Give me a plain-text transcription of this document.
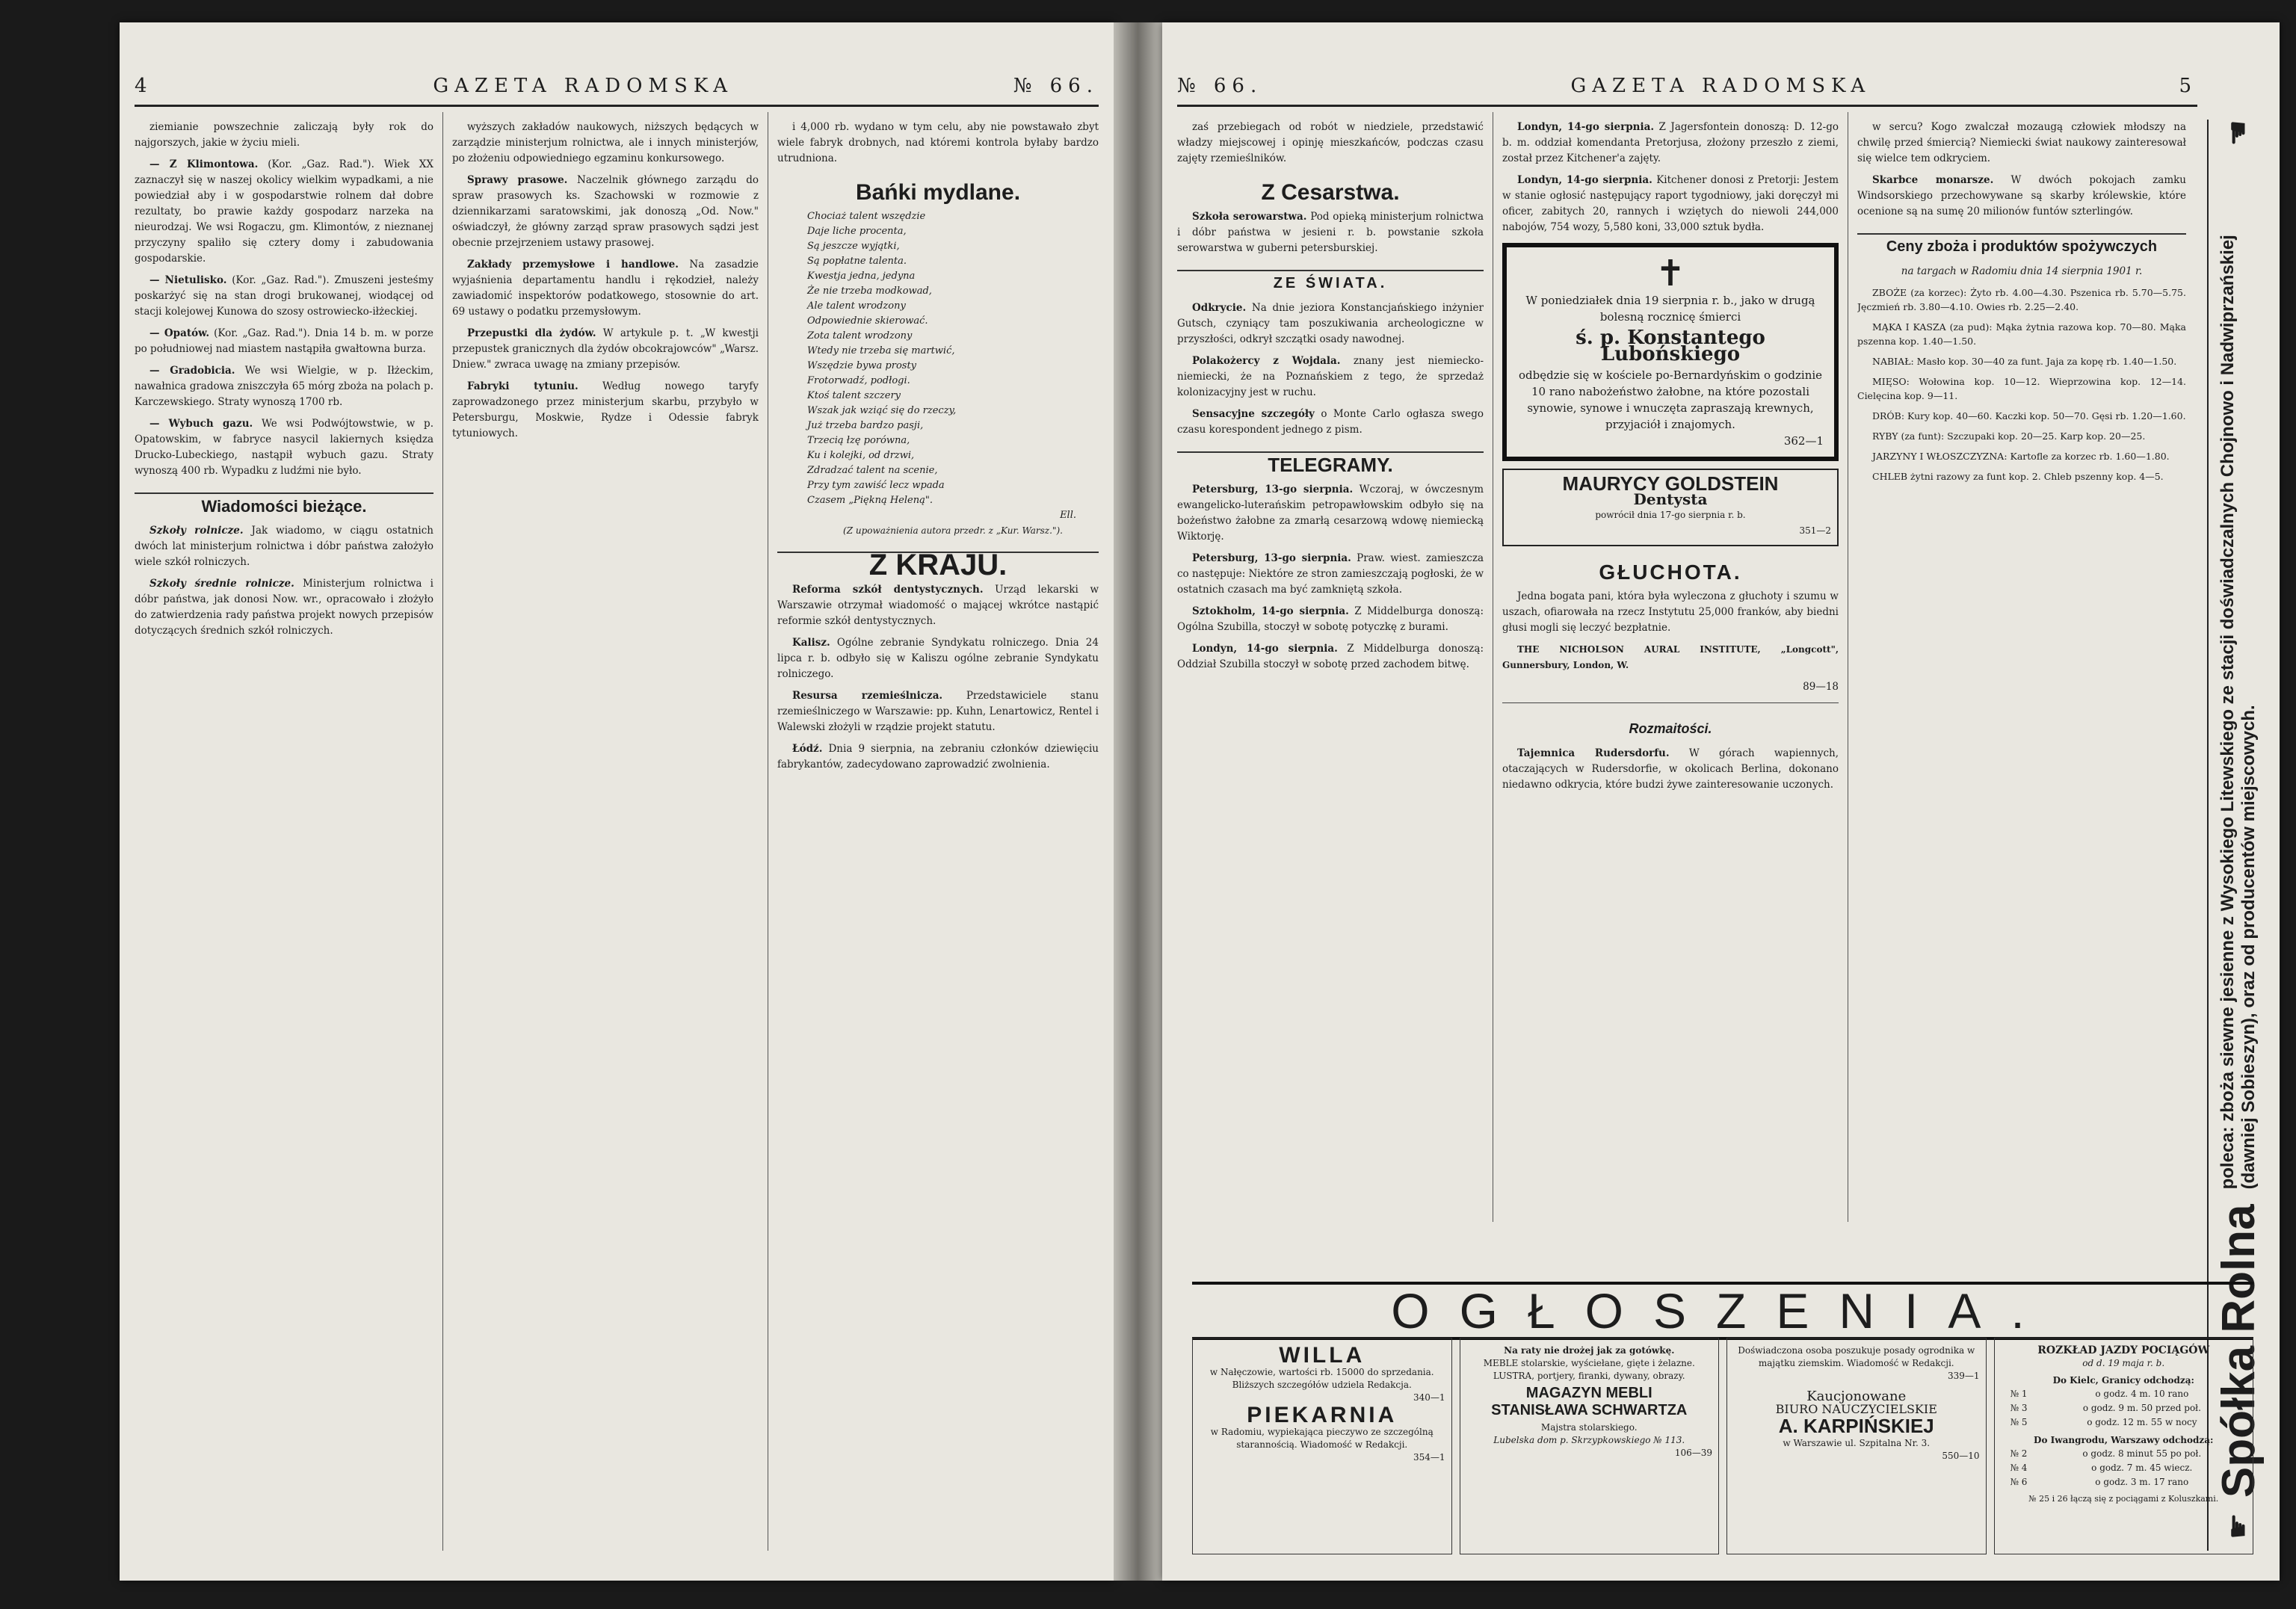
4	GAZETA RADOMSKA	№ 66.

ziemianie powszechnie zaliczają były rok do najgorszych, jakie w życiu mieli.

— Z Klimontowa. (Kor. „Gaz. Rad."). Wiek XX zaznaczył się w naszej okolicy wielkim wypadkami, a nie powiedział aby i w gospodarstwie rolnem dał dobre rezultaty, bo prawie każdy gospodarz narzeka na nieurodzaj. We wsi Rogaczu, gm. Klimontów, z nieznanej przyczyny spaliło się cztery domy i zabudowania gospodarskie.

— Nietulisko. (Kor. „Gaz. Rad."). Zmuszeni jesteśmy poskarżyć się na stan drogi brukowanej, wiodącej od stacji kolejowej Kunowa do szosy ostrowiecko-iłżeckiej.

— Opatów. (Kor. „Gaz. Rad."). Dnia 14 b. m. w porze po południowej nad miastem nastąpiła gwałtowna burza.

— Gradobicia. We wsi Wielgie, w p. Iłżeckim, nawałnica gradowa zniszczyła 65 mórg zboża na polach p. Karczewskiego. Straty wynoszą 1700 rb.

— Wybuch gazu. We wsi Podwójtowstwie, w p. Opatowskim, w fabryce nasycil lakiernych księdza Drucko-Lubeckiego, nastąpił wybuch gazu. Straty wynoszą 400 rb. Wypadku z ludźmi nie było.

Wiadomości bieżące.

Szkoły rolnicze. Jak wiadomo, w ciągu ostatnich dwóch lat ministerjum rolnictwa i dóbr państwa założyło wiele szkół rolniczych.

Szkoły średnie rolnicze. Ministerjum rolnictwa i dóbr państwa, jak donosi Now. wr., opracowało i złożyło do zatwierdzenia rady państwa projekt nowych przepisów dotyczących średnich szkół rolniczych.

wyższych zakładów naukowych, niższych będących w zarządzie ministerjum rolnictwa, ale i innych ministerjów, po złożeniu odpowiedniego egzaminu konkursowego.

Sprawy prasowe. Naczelnik głównego zarządu do spraw prasowych ks. Szachowski w rozmowie z dziennikarzami saratowskimi, jak donoszą „Od. Now." oświadczył, że główny zarząd spraw prasowych sądzi jest obecnie przejrzeniem ustawy prasowej.

Zakłady przemysłowe i handlowe. Na zasadzie wyjaśnienia departamentu handlu i rękodzieł, należy zawiadomić inspektorów podatkowego, stosownie do art. 69 ustawy o podatku przemysłowym.

Przepustki dla żydów. W artykule p. t. „W kwestji przepustek granicznych dla żydów obcokrajowców" „Warsz. Dniew." zwraca uwagę na zmiany przepisów.

Fabryki tytuniu. Według nowego taryfy zaprowadzonego przez ministerjum skarbu, przybyło w Petersburgu, Moskwie, Rydze i Odessie fabryk tytuniowych.

i 4,000 rb. wydano w tym celu, aby nie powstawało zbyt wiele fabryk drobnych, nad któremi kontrola byłaby bardzo utrudniona.

Bańki mydlane.
Chociaż talent wszędzie
Daje liche procenta,
Są jeszcze wyjątki,
Są popłatne talenta.
Kwestja jedna, jedyna
Że nie trzeba modkowad,
Ale talent wrodzony
Odpowiednie skierować.
Zota talent wrodzony
Wtedy nie trzeba się martwić,
Wszędzie bywa prosty
Frotorwadź, podłogi.
Ktoś talent szczery
Wszak jak wziąć się do rzeczy,
Już trzeba bardzo pasji,
Trzecią łzę porówna,
Ku i kolejki, od drzwi,
Zdradzać talent na scenie,
Przy tym zawiść lecz wpada
Czasem „Piękną Heleną".
Ell.
(Z upoważnienia autora przedr. z „Kur. Warsz.").
Z KRAJU.

Reforma szkół dentystycznych. Urząd lekarski w Warszawie otrzymał wiadomość o mającej wkrótce nastąpić reformie szkół dentystycznych.

Kalisz. Ogólne zebranie Syndykatu rolniczego. Dnia 24 lipca r. b. odbyło się w Kaliszu ogólne zebranie Syndykatu rolniczego.

Resursa rzemieślnicza. Przedstawiciele stanu rzemieślniczego w Warszawie: pp. Kuhn, Lenartowicz, Rentel i Walewski złożyli w rządzie projekt statutu.

Łódź. Dnia 9 sierpnia, na zebraniu członków dziewięciu fabrykantów, zadecydowano zaprowadzić zwolnienia.

№ 66.	GAZETA RADOMSKA	5

zaś przebiegach od robót w niedziele, przedstawić władzy miejscowej i opinję mieszkańców, podczas czasu zajęty rzemieślników.

Z Cesarstwa.

Szkoła serowarstwa. Pod opieką ministerjum rolnictwa i dóbr państwa w jesieni r. b. powstanie szkoła serowarstwa w guberni petersburskiej.

ZE ŚWIATA.

Odkrycie. Na dnie jeziora Konstancjańskiego inżynier Gutsch, czyniący tam poszukiwania archeologiczne w przyszłości, odkrył szczątki osady nawodnej.

Polakożercy z Wojdala. znany jest niemiecko-niemiecki, że na Poznańskiem z tego, że sprzedaż kolonizacyjny jest w ruchu.

Sensacyjne szczegóły o Monte Carlo ogłasza swego czasu korespondent jednego z pism.

TELEGRAMY.

Petersburg, 13-go sierpnia. Wczoraj, w ówczesnym ewangelicko-luterańskim petropawłowskim odbyło się na bożeństwo żałobne za zmarłą cesarzową wdowę niemiecką Wiktorję.

Petersburg, 13-go sierpnia. Praw. wiest. zamieszcza co następuje: Niektóre ze stron zamieszczają pogłoski, że w ostatnich czasach ma być zamkniętą szkoła.

Sztokholm, 14-go sierpnia. Z Middelburga donoszą: Ogólna Szubilla, stoczył w sobotę potyczkę z burami.

Londyn, 14-go sierpnia. Z Middelburga donoszą: Oddział Szubilla stoczył w sobotę przed zachodem bitwę.

Londyn, 14-go sierpnia. Z Jagersfontein donoszą: D. 12-go b. m. oddział komendanta Pretorjusa, złożony przeszło z ziemi, został przez Kitchener'a zajęty.

Londyn, 14-go sierpnia. Kitchener donosi z Pretorji: Jestem w stanie ogłosić następujący raport tygodniowy, jaki doręczył mi oficer, zabitych 20, rannych i wziętych do niewoli 244,000 nabojów, 754 wozy, 5,580 koni, 33,000 sztuk bydła.

✝
W poniedziałek dnia 19 sierpnia r. b., jako w drugą bolesną rocznicę śmierci
ś. p. Konstantego Lubońskiego
odbędzie się w kościele po-Bernardyńskim o godzinie 10 rano nabożeństwo żałobne, na które pozostali synowie, synowe i wnuczęta zapraszają krewnych, przyjaciół i znajomych.
362—1
MAURYCY GOLDSTEIN
Dentysta
powrócił dnia 17-go sierpnia r. b.
351—2
GŁUCHOTA.

Jedna bogata pani, która była wyleczona z głuchoty i szumu w uszach, ofiarowała na rzecz Instytutu 25,000 franków, aby biedni głusi mogli się leczyć bezpłatnie.

THE NICHOLSON AURAL INSTITUTE, „Longcott", Gunnersbury, London, W.

89—18

Rozmaitości.

Tajemnica Rudersdorfu. W górach wapiennych, otaczających w Rudersdorfie, w okolicach Berlina, dokonano niedawno odkrycia, które budzi żywe zainteresowanie uczonych.

w sercu? Kogo zwalczał mozaugą człowiek młodszy na chwilę przed śmiercią? Niemiecki świat naukowy zainteresował się wielce tem odkryciem.

Skarbce monarsze. W dwóch pokojach zamku Windsorskiego przechowywane są skarby królewskie, które ocenione są na sumę 20 milionów funtów szterlingów.

Ceny zboża i produktów spożywczych
na targach w Radomiu dnia 14 sierpnia 1901 r.

ZBOŻE (za korzec): Żyto rb. 4.00—4.30. Pszenica rb. 5.70—5.75. Jęczmień rb. 3.80—4.10. Owies rb. 2.25—2.40.

MĄKA I KASZA (za pud): Mąka żytnia razowa kop. 70—80. Mąka pszenna kop. 1.40—1.50.

NABIAŁ: Masło kop. 30—40 za funt. Jaja za kopę rb. 1.40—1.50.

MIĘSO: Wołowina kop. 10—12. Wieprzowina kop. 12—14. Cielęcina kop. 9—11.

DRÓB: Kury kop. 40—60. Kaczki kop. 50—70. Gęsi rb. 1.20—1.60.

RYBY (za funt): Szczupaki kop. 20—25. Karp kop. 20—25.

JARZYNY I WŁOSZCZYZNA: Kartofle za korzec rb. 1.60—1.80.

CHLEB żytni razowy za funt kop. 2. Chleb pszenny kop. 4—5.

☛
Spółka Rolna
poleca: zboża siewne jesienne z Wysokiego Litewskiego ze stacji doświadczalnych Chojnowo i Nadwiprzańskiej (dawniej Sobieszyn), oraz od producentów miejscowych.
☚
OGŁOSZENIA.
WILLA
w Nałęczowie, wartości rb. 15000 do sprzedania. Bliższych szczegółów udziela Redakcja.
340—1
PIEKARNIA
w Radomiu, wypiekająca pieczywo ze szczególną starannością. Wiadomość w Redakcji.
354—1
Na raty nie drożej jak za gotówkę.
MEBLE stolarskie, wyściełane, gięte i żelazne. LUSTRA, portjery, firanki, dywany, obrazy.
MAGAZYN MEBLI
STANISŁAWA SCHWARTZA
Majstra stolarskiego.
Lubelska dom p. Skrzypkowskiego № 113.
106—39
Doświadczona osoba poszukuje posady ogrodnika w majątku ziemskim. Wiadomość w Redakcji.
339—1
Kaucjonowane
BIURO NAUCZYCIELSKIE
A. KARPIŃSKIEJ
w Warszawie ul. Szpitalna Nr. 3.
550—10
ROZKŁAD JAZDY POCIĄGÓW
od d. 19 maja r. b.
Do Kielc, Granicy odchodzą:
№ 1	o godz. 4 m. 10 rano
№ 3	o godz. 9 m. 50 przed poł.
№ 5	o godz. 12 m. 55 w nocy
Do Iwangrodu, Warszawy odchodzą:
№ 2	o godz. 8 minut 55 po poł.
№ 4	o godz. 7 m. 45 wiecz.
№ 6	o godz. 3 m. 17 rano
№ 25 i 26 łączą się z pociągami z Koluszkami.
